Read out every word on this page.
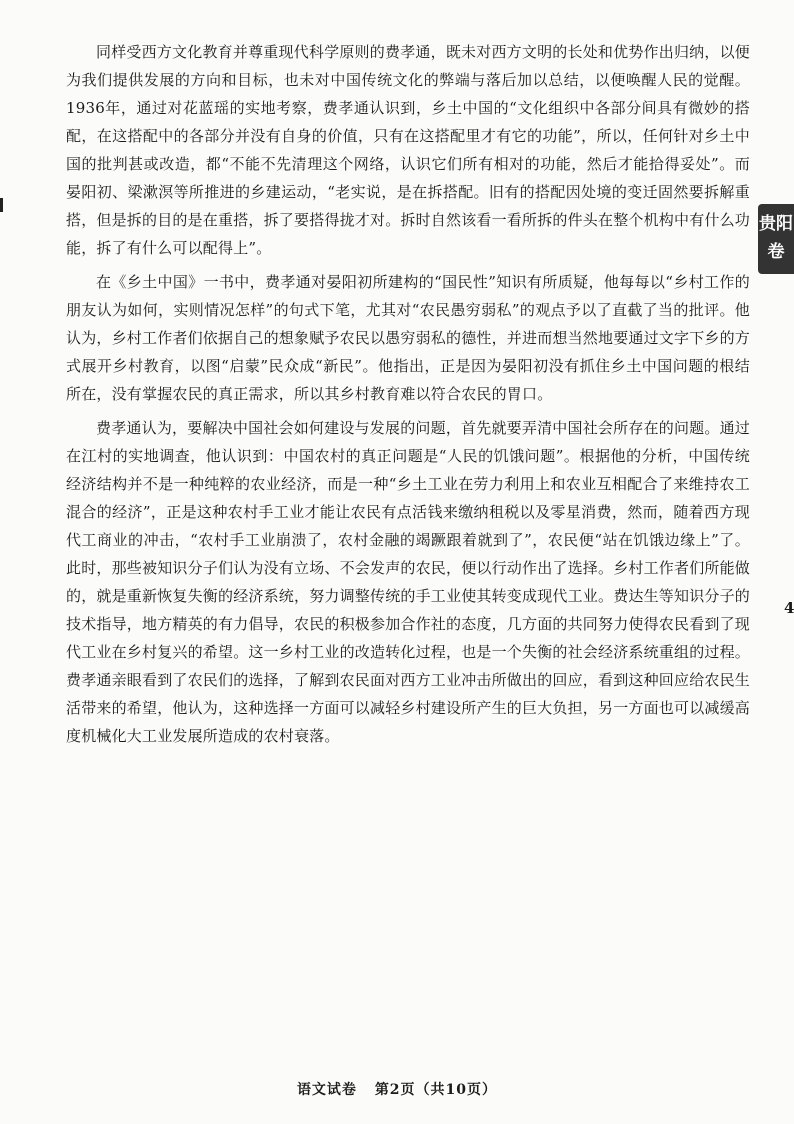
同样受西方文化教育并尊重现代科学原则的费孝通，既未对西方文明的长处和优势作出归纳，以便为我们提供发展的方向和目标，也未对中国传统文化的弊端与落后加以总结，以便唤醒人民的觉醒。1936年，通过对花蓝瑶的实地考察，费孝通认识到，乡土中国的“文化组织中各部分间具有微妙的搭配，在这搭配中的各部分并没有自身的价值，只有在这搭配里才有它的功能”，所以，任何针对乡土中国的批判甚或改造，都“不能不先清理这个网络，认识它们所有相对的功能，然后才能拾得妥处”。而晏阳初、梁漱溟等所推进的乡建运动，“老实说，是在拆搭配。旧有的搭配因处境的变迁固然要拆解重搭，但是拆的目的是在重搭，拆了要搭得拢才对。拆时自然该看一看所拆的件头在整个机构中有什么功能，拆了有什么可以配得上”。

在《乡土中国》一书中，费孝通对晏阳初所建构的“国民性”知识有所质疑，他每每以“乡村工作的朋友认为如何，实则情况怎样”的句式下笔，尤其对“农民愚穷弱私”的观点予以了直截了当的批评。他认为，乡村工作者们依据自己的想象赋予农民以愚穷弱私的德性，并进而想当然地要通过文字下乡的方式展开乡村教育，以图“启蒙”民众成“新民”。他指出，正是因为晏阳初没有抓住乡土中国问题的根结所在，没有掌握农民的真正需求，所以其乡村教育难以符合农民的胃口。

费孝通认为，要解决中国社会如何建设与发展的问题，首先就要弄清中国社会所存在的问题。通过在江村的实地调查，他认识到：中国农村的真正问题是“人民的饥饿问题”。根据他的分析，中国传统经济结构并不是一种纯粹的农业经济，而是一种“乡土工业在劳力利用上和农业互相配合了来维持农工混合的经济”，正是这种农村手工业才能让农民有点活钱来缴纳租税以及零星消费，然而，随着西方现代工商业的冲击，“农村手工业崩溃了，农村金融的竭蹶跟着就到了”，农民便“站在饥饿边缘上”了。此时，那些被知识分子们认为没有立场、不会发声的农民，便以行动作出了选择。乡村工作者们所能做的，就是重新恢复失衡的经济系统，努力调整传统的手工业使其转变成现代工业。费达生等知识分子的技术指导，地方精英的有力倡导，农民的积极参加合作社的态度，几方面的共同努力使得农民看到了现代工业在乡村复兴的希望。这一乡村工业的改造转化过程，也是一个失衡的社会经济系统重组的过程。费孝通亲眼看到了农民们的选择，了解到农民面对西方工业冲击所做出的回应，看到这种回应给农民生活带来的希望，他认为，这种选择一方面可以减轻乡村建设所产生的巨大负担，另一方面也可以减缓高度机械化大工业发展所造成的农村衰落。

贵阳
卷
4
语文试卷 第2页（共10页）
